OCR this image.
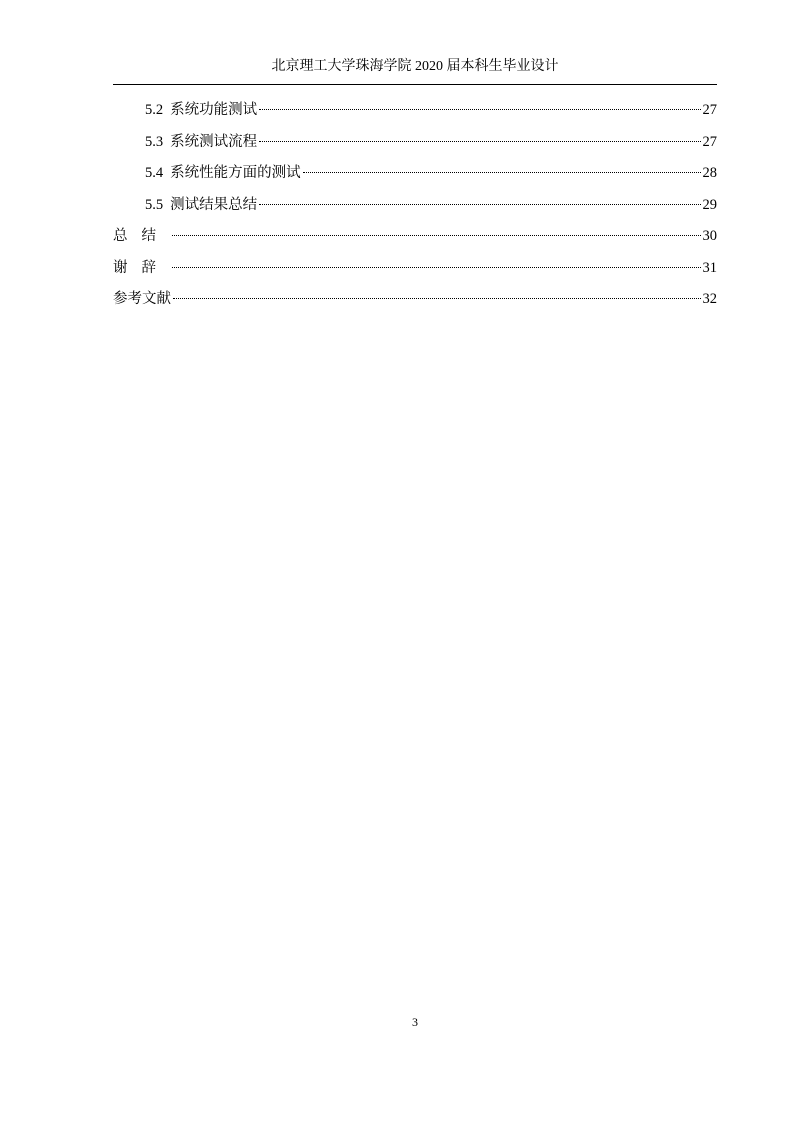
北京理工大学珠海学院 2020 届本科生毕业设计
5.2 系统功能测试	27
5.3 系统测试流程	27
5.4 系统性能方面的测试	28
5.5 测试结果总结	29
总结	30
谢辞	31
参考文献	32
3
